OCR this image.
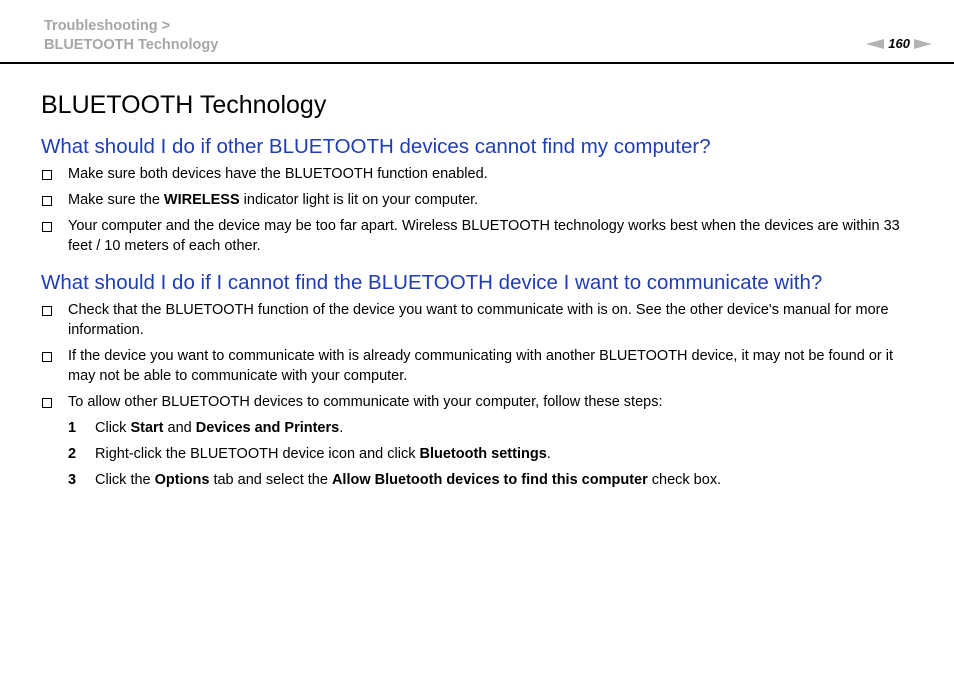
Troubleshooting >
BLUETOOTH Technology	160
BLUETOOTH Technology
What should I do if other BLUETOOTH devices cannot find my computer?
Make sure both devices have the BLUETOOTH function enabled.
Make sure the WIRELESS indicator light is lit on your computer.
Your computer and the device may be too far apart. Wireless BLUETOOTH technology works best when the devices are within 33 feet / 10 meters of each other.
What should I do if I cannot find the BLUETOOTH device I want to communicate with?
Check that the BLUETOOTH function of the device you want to communicate with is on. See the other device's manual for more information.
If the device you want to communicate with is already communicating with another BLUETOOTH device, it may not be found or it may not be able to communicate with your computer.
To allow other BLUETOOTH devices to communicate with your computer, follow these steps:
1 Click Start and Devices and Printers.
2 Right-click the BLUETOOTH device icon and click Bluetooth settings.
3 Click the Options tab and select the Allow Bluetooth devices to find this computer check box.
